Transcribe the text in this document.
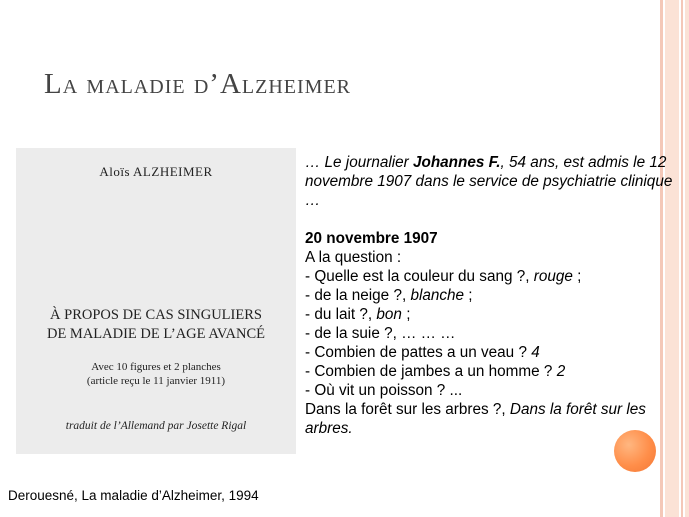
La maladie d’Alzheimer
Aloïs ALZHEIMER
À PROPOS DE CAS SINGULIERS
DE MALADIE DE L’AGE AVANCÉ
Avec 10 figures et 2 planches
(article reçu le 11 janvier 1911)
traduit de l’Allemand par Josette Rigal

… Le journalier Johannes F., 54 ans, est admis le 12 novembre 1907 dans le service de psychiatrie clinique …

20 novembre 1907

A la question :

- Quelle est la couleur du sang ?, rouge ;

- de la neige ?, blanche ;

- du lait ?, bon ;

- de la suie ?, … … …

- Combien de pattes a un veau ? 4

- Combien de jambes a un homme ? 2

- Où vit un poisson ? ...

Dans la forêt sur les arbres ?, Dans la forêt sur les arbres.

Derouesné, La maladie d’Alzheimer, 1994
